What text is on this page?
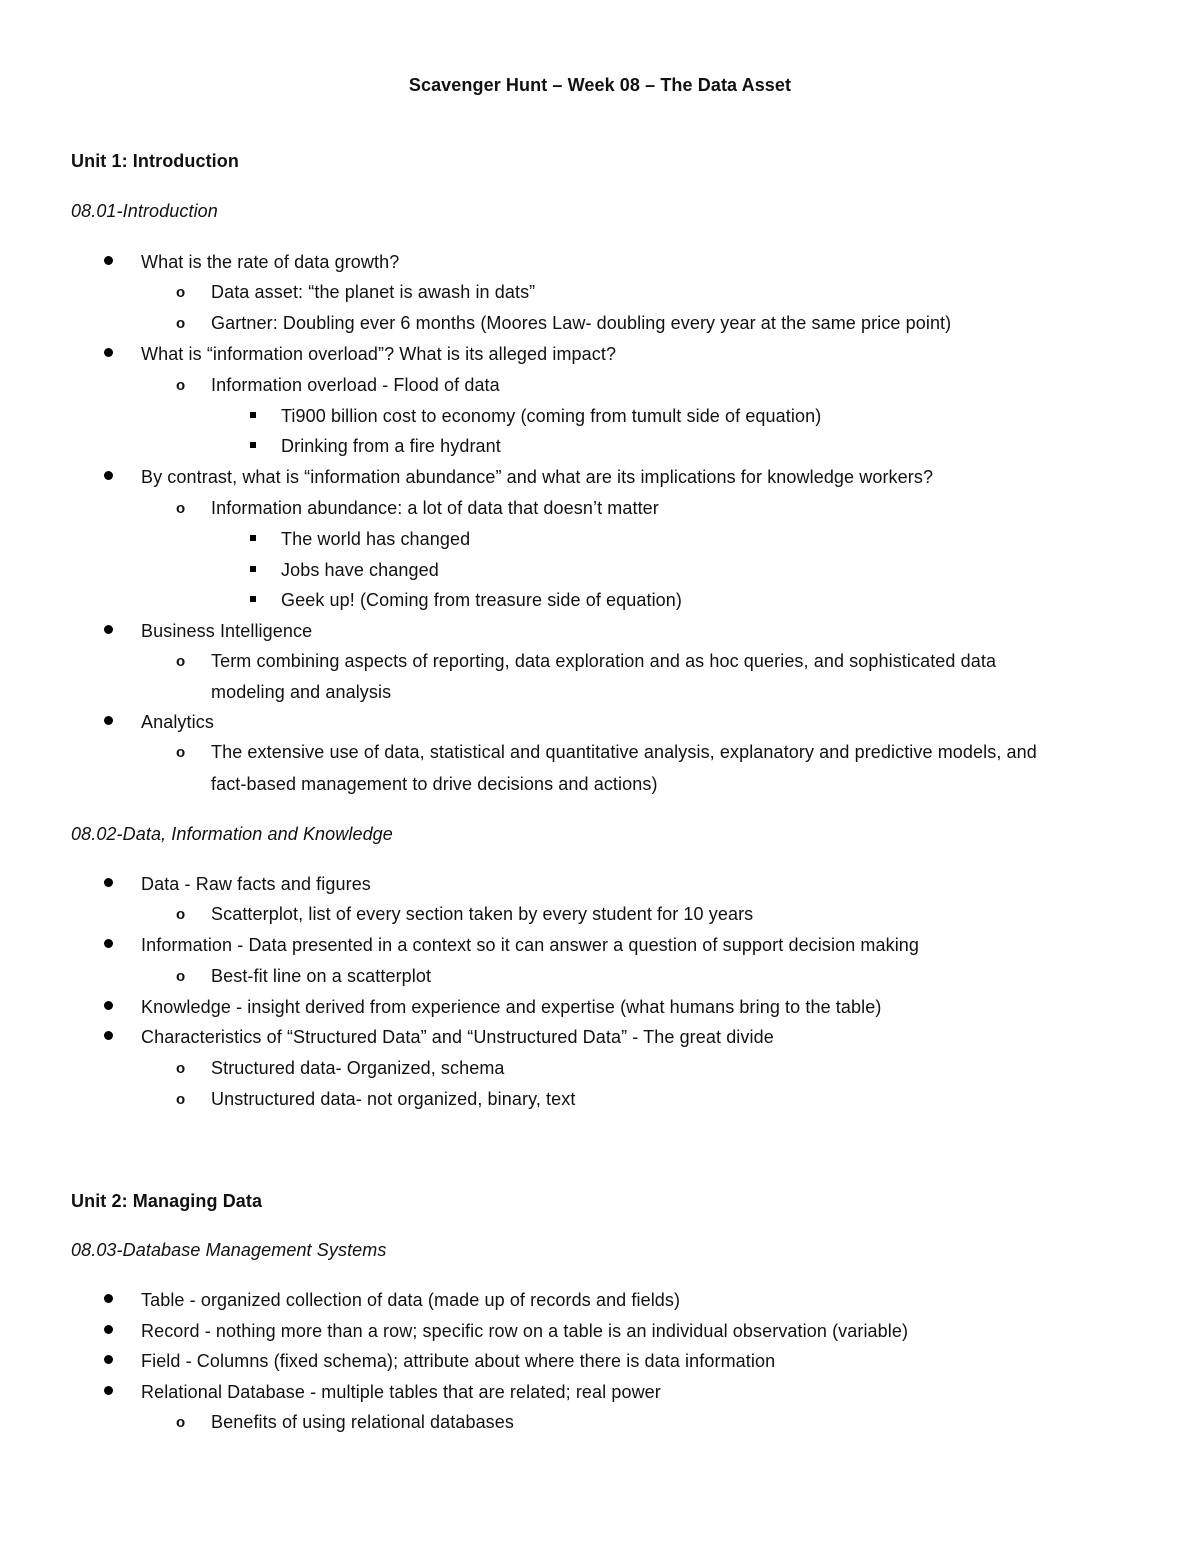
Scavenger Hunt – Week 08 – The Data Asset
Unit 1: Introduction
08.01-Introduction
What is the rate of data growth?
o Data asset: “the planet is awash in dats”
o Gartner: Doubling ever 6 months (Moores Law- doubling every year at the same price point)
What is “information overload”? What is its alleged impact?
o Information overload - Flood of data
Ti900 billion cost to economy (coming from tumult side of equation)
Drinking from a fire hydrant
By contrast, what is “information abundance” and what are its implications for knowledge workers?
o Information abundance: a lot of data that doesn’t matter
The world has changed
Jobs have changed
Geek up! (Coming from treasure side of equation)
Business Intelligence
o Term combining aspects of reporting, data exploration and as hoc queries, and sophisticated data
modeling and analysis
Analytics
o The extensive use of data, statistical and quantitative analysis, explanatory and predictive models, and
fact-based management to drive decisions and actions)
08.02-Data, Information and Knowledge
Data - Raw facts and figures
o Scatterplot, list of every section taken by every student for 10 years
Information - Data presented in a context so it can answer a question of support decision making
o Best-fit line on a scatterplot
Knowledge - insight derived from experience and expertise (what humans bring to the table)
Characteristics of “Structured Data” and “Unstructured Data” - The great divide
o Structured data- Organized, schema
o Unstructured data- not organized, binary, text
Unit 2: Managing Data
08.03-Database Management Systems
Table - organized collection of data (made up of records and fields)
Record - nothing more than a row; specific row on a table is an individual observation (variable)
Field - Columns (fixed schema); attribute about where there is data information
Relational Database - multiple tables that are related; real power
o Benefits of using relational databases
